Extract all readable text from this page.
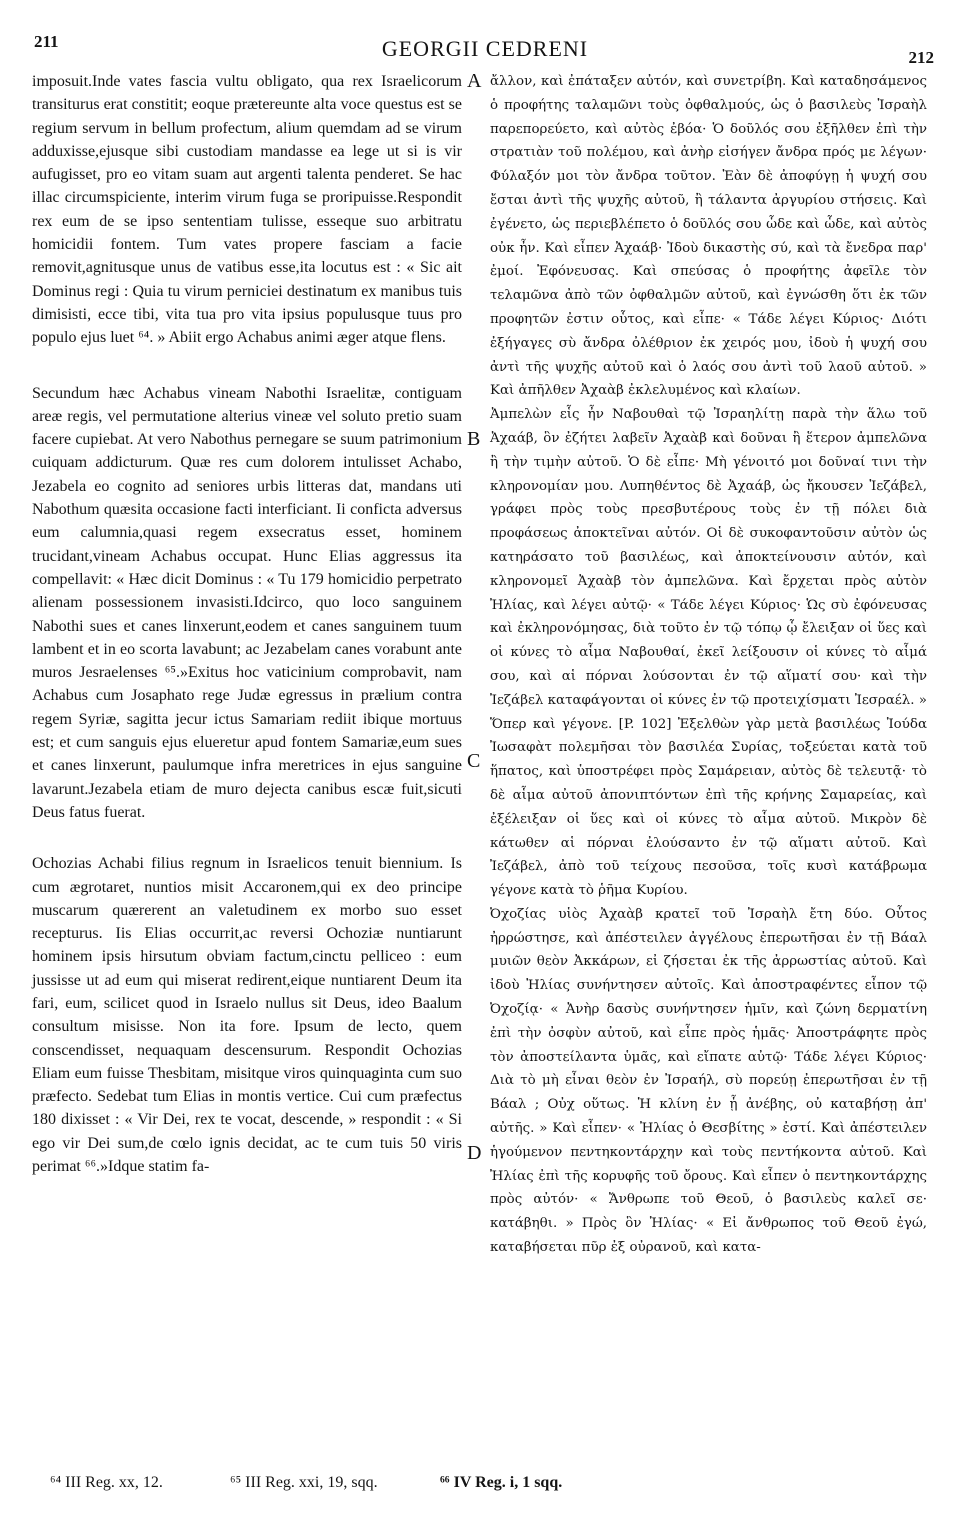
211	GEORGII CEDRENI	212

imposuit.Inde vates fascia vultu obligato, qua rex Israelicorum transiturus erat constitit; eoque prætereunte alta voce questus est se regium servum in bellum profectum, alium quemdam ad se virum adduxisse,ejusque sibi custodiam mandasse ea lege ut si is vir aufugisset, pro eo vitam suam aut argenti talenta penderet. Se hac illac circumspiciente, interim virum fuga se proripuisse.Respondit rex eum de se ipso sententiam tulisse, esseque suo arbitratu homicidii fontem. Tum vates propere fasciam a facie removit,agnitusque unus de vatibus esse,ita locutus est : « Sic ait Dominus regi : Quia tu virum perniciei destinatum ex manibus tuis dimisisti, ecce tibi, vita tua pro vita ipsius populusque tuus pro populo ejus luet ⁶⁴. » Abiit ergo Achabus animi æger atque flens.

Secundum hæc Achabus vineam Nabothi Israelitæ, contiguam areæ regis, vel permutatione alterius vineæ vel soluto pretio suam facere cupiebat. At vero Nabothus pernegare se suum patrimonium cuiquam addicturum. Quæ res cum dolorem intulisset Achabo, Jezabela eo cognito ad seniores urbis litteras dat, mandans uti Nabothum quæsita occasione facti interficiant. Ii conficta adversus eum calumnia,quasi regem exsecratus esset, hominem trucidant,vineam Achabus occupat. Hunc Elias aggressus ita compellavit: « Hæc dicit Dominus : « Tu 179 homicidio perpetrato alienam possessionem invasisti.Idcirco, quo loco sanguinem Nabothi sues et canes linxerunt,eodem et canes sanguinem tuum lambent et in eo scorta lavabunt; ac Jezabelam canes vorabunt ante muros Jesraelenses ⁶⁵.»Exitus hoc vaticinium comprobavit, nam Achabus cum Josaphato rege Judæ egressus in prælium contra regem Syriæ, sagitta jecur ictus Samariam rediit ibique mortuus est; et cum sanguis ejus elueretur apud fontem Samariæ,eum sues et canes linxerunt, paulumque infra meretrices in ejus sanguine lavarunt.Jezabela etiam de muro dejecta canibus escæ fuit,sicuti Deus fatus fuerat.

Ochozias Achabi filius regnum in Israelicos tenuit biennium. Is cum ægrotaret, nuntios misit Accaronem,qui ex deo principe muscarum quærerent an valetudinem ex morbo suo esset recepturus. Iis Elias occurrit,ac reversi Ochoziæ nuntiarunt hominem ipsis hirsutum obviam factum,cinctu pelliceo : eum jussisse ut ad eum qui miserat redirent,eique nuntiarent Deum ita fari, eum, scilicet quod in Israelo nullus sit Deus, ideo Baalum consultum misisse. Non ita fore. Ipsum de lecto, quem conscendisset, nequaquam descensurum. Respondit Ochozias Eliam eum fuisse Thesbitam, misitque viros quinquaginta cum suo præfecto. Sedebat tum Elias in montis vertice. Cui cum præfectus 180 dixisset : « Vir Dei, rex te vocat, descende, » respondit : « Si ego vir Dei sum,de cœlo ignis decidat, ac te cum tuis 50 viris perimat ⁶⁶.»Idque statim fa-

A
B
C
D

ἄλλον, καὶ ἐπάταξεν αὐτόν, καὶ συνετρίβη. Καὶ καταδησάμενος ὁ προφήτης ταλαμῶνι τοὺς ὀφθαλμούς, ὡς ὁ βασιλεὺς Ἰσραὴλ παρεπορεύετο, καὶ αὐτὸς ἐβόα· Ὁ δοῦλός σου ἐξῆλθεν ἐπὶ τὴν στρατιὰν τοῦ πολέμου, καὶ ἀνὴρ εἰσήγεν ἄνδρα πρός με λέγων· Φύλαξόν μοι τὸν ἄνδρα τοῦτον. Ἐὰν δὲ ἀποφύγῃ ἡ ψυχή σου ἔσται ἀντὶ τῆς ψυχῆς αὐτοῦ, ἢ τάλαντα ἀργυρίου στήσεις. Καὶ ἐγένετο, ὡς περιεβλέπετο ὁ δοῦλός σου ὧδε καὶ ὧδε, καὶ αὐτὸς οὐκ ἦν. Καὶ εἶπεν Ἀχαάβ· Ἰδοὺ δικαστὴς σύ, καὶ τὰ ἔνεδρα παρ' ἐμοί. Ἐφόνευσας. Καὶ σπεύσας ὁ προφήτης ἀφεῖλε τὸν τελαμῶνα ἀπὸ τῶν ὀφθαλμῶν αὐτοῦ, καὶ ἐγνώσθη ὅτι ἐκ τῶν προφητῶν ἐστιν οὗτος, καὶ εἶπε· « Τάδε λέγει Κύριος· Διότι ἐξήγαγες σὺ ἄνδρα ὀλέθριον ἐκ χειρός μου, ἰδοὺ ἡ ψυχή σου ἀντὶ τῆς ψυχῆς αὐτοῦ καὶ ὁ λαός σου ἀντὶ τοῦ λαοῦ αὐτοῦ. » Καὶ ἀπῆλθεν Ἀχαὰβ ἐκλελυμένος καὶ κλαίων.

Ἀμπελὼν εἷς ἦν Ναβουθαὶ τῷ Ἰσραηλίτῃ παρὰ τὴν ἅλω τοῦ Ἀχαάβ, ὃν ἐζήτει λαβεῖν Ἀχαὰβ καὶ δοῦναι ἢ ἕτερον ἀμπελῶνα ἢ τὴν τιμὴν αὐτοῦ. Ὁ δὲ εἶπε· Μὴ γένοιτό μοι δοῦναί τινι τὴν κληρονομίαν μου. Λυπηθέντος δὲ Ἀχαάβ, ὡς ἤκουσεν Ἰεζάβελ, γράφει πρὸς τοὺς πρεσβυτέρους τοὺς ἐν τῇ πόλει διὰ προφάσεως ἀποκτεῖναι αὐτόν. Οἱ δὲ συκοφαντοῦσιν αὐτὸν ὡς κατηράσατο τοῦ βασιλέως, καὶ ἀποκτείνουσιν αὐτόν, καὶ κληρονομεῖ Ἀχαὰβ τὸν ἀμπελῶνα. Καὶ ἔρχεται πρὸς αὐτὸν Ἠλίας, καὶ λέγει αὐτῷ· « Τάδε λέγει Κύριος· Ὡς σὺ ἐφόνευσας καὶ ἐκληρονόμησας, διὰ τοῦτο ἐν τῷ τόπῳ ᾧ ἔλειξαν οἱ ὕες καὶ οἱ κύνες τὸ αἷμα Ναβουθαί, ἐκεῖ λείξουσιν οἱ κύνες τὸ αἷμά σου, καὶ αἱ πόρναι λούσονται ἐν τῷ αἵματί σου· καὶ τὴν Ἰεζάβελ καταφάγονται οἱ κύνες ἐν τῷ προτειχίσματι Ἰεσραέλ. » Ὅπερ καὶ γέγονε. [P. 102] Ἐξελθὼν γὰρ μετὰ βασιλέως Ἰούδα Ἰωσαφὰτ πολεμῆσαι τὸν βασιλέα Συρίας, τοξεύεται κατὰ τοῦ ἥπατος, καὶ ὑποστρέφει πρὸς Σαμάρειαν, αὐτὸς δὲ τελευτᾷ· τὸ δὲ αἷμα αὐτοῦ ἀπονιπτόντων ἐπὶ τῆς κρήνης Σαμαρείας, καὶ ἐξέλειξαν οἱ ὕες καὶ οἱ κύνες τὸ αἷμα αὐτοῦ. Μικρὸν δὲ κάτωθεν αἱ πόρναι ἐλούσαντο ἐν τῷ αἵματι αὐτοῦ. Καὶ Ἰεζάβελ, ἀπὸ τοῦ τείχους πεσοῦσα, τοῖς κυσὶ κατάβρωμα γέγονε κατὰ τὸ ῥῆμα Κυρίου.

Ὀχοζίας υἱὸς Ἀχαὰβ κρατεῖ τοῦ Ἰσραὴλ ἔτη δύο. Οὗτος ἠρρώστησε, καὶ ἀπέστειλεν ἀγγέλους ἐπερωτῆσαι ἐν τῇ Βάαλ μυιῶν θεὸν Ἀκκάρων, εἰ ζήσεται ἐκ τῆς ἀρρωστίας αὐτοῦ. Καὶ ἰδοὺ Ἠλίας συνήντησεν αὐτοῖς. Καὶ ἀποστραφέντες εἶπον τῷ Ὀχοζίᾳ· « Ἀνὴρ δασὺς συνήντησεν ἡμῖν, καὶ ζώνη δερματίνη ἐπὶ τὴν ὀσφὺν αὐτοῦ, καὶ εἶπε πρὸς ἡμᾶς· Ἀποστράφητε πρὸς τὸν ἀποστείλαντα ὑμᾶς, καὶ εἴπατε αὐτῷ· Τάδε λέγει Κύριος· Διὰ τὸ μὴ εἶναι θεὸν ἐν Ἰσραήλ, σὺ πορεύῃ ἐπερωτῆσαι ἐν τῇ Βάαλ ; Οὐχ οὕτως. Ἡ κλίνη ἐν ᾗ ἀνέβης, οὐ καταβήσῃ ἀπ' αὐτῆς. » Καὶ εἶπεν· « Ἠλίας ὁ Θεσβίτης » ἐστί. Καὶ ἀπέστειλεν ἡγούμενον πεντηκοντάρχην καὶ τοὺς πεντήκοντα αὐτοῦ. Καὶ Ἠλίας ἐπὶ τῆς κορυφῆς τοῦ ὄρους. Καὶ εἶπεν ὁ πεντηκοντάρχης πρὸς αὐτόν· « Ἄνθρωπε τοῦ Θεοῦ, ὁ βασιλεὺς καλεῖ σε· κατάβηθι. » Πρὸς ὃν Ἠλίας· « Εἰ ἄνθρωπος τοῦ Θεοῦ ἐγώ, καταβήσεται πῦρ ἐξ οὐρανοῦ, καὶ κατα-

⁶⁴ III Reg. xx, 12.	⁶⁵ III Reg. xxi, 19, sqq.	⁶⁶ IV Reg. i, 1 sqq.
